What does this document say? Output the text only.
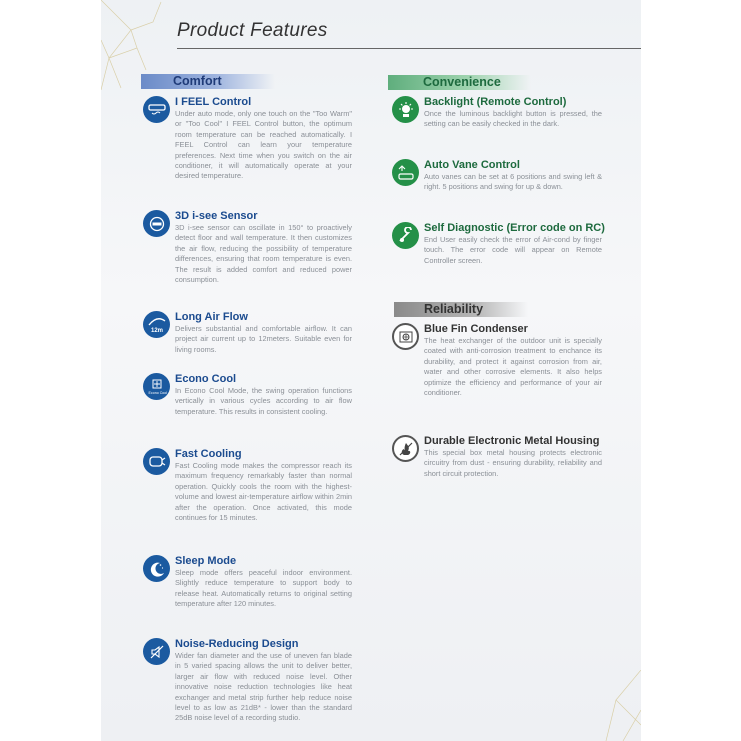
Product Features
Comfort	Convenience
Reliability
I FEEL Control
Under auto mode, only one touch on the "Too Warm" or "Too Cool" I FEEL Control button, the optimum room temperature can be reached automatically. I FEEL Control can learn your temperature preferences. Next time when you switch on the air conditioner, it will automatically operate at your desired temperature.
3D i-see Sensor
3D i-see sensor can oscillate in 150° to proactively detect floor and wall temperature. It then customizes the air flow, reducing the possibility of temperature differences, ensuring that room temperature is even. The result is added comfort and reduced power consumption.
12m
Long Air Flow
Delivers substantial and comfortable airflow. It can project air current up to 12meters. Suitable even for living rooms.
Econo Cool
Econo Cool
In Econo Cool Mode, the swing operation functions vertically in various cycles according to air flow temperature. This results in consistent cooling.
Fast Cooling
Fast Cooling mode makes the compressor reach its maximum frequency remarkably faster than normal operation. Quickly cools the room with the highest-volume and lowest air-temperature airflow within 2min after the operation. Once activated, this mode continues for 15 minutes.
Sleep Mode
Sleep mode offers peaceful indoor environment. Slightly reduce temperature to support body to release heat. Automatically returns to original setting temperature after 120 minutes.
Noise-Reducing Design
Wider fan diameter and the use of uneven fan blade in 5 varied spacing allows the unit to deliver better, larger air flow with reduced noise level. Other innovative noise reduction technologies like heat exchanger and metal strip further help reduce noise level to as low as 21dB* - lower than the standard 25dB noise level of a recording studio.
Backlight (Remote Control)
Once the luminous backlight button is pressed, the setting can be easily checked in the dark.
Auto Vane Control
Auto vanes can be set at 6 positions and swing left & right. 5 positions and swing for up & down.
Self Diagnostic (Error code on RC)
End User easily check the error of Air-cond by finger touch. The error code will appear on Remote Controller screen.
Blue Fin Condenser
The heat exchanger of the outdoor unit is specially coated with anti-corrosion treatment to enchance its durability, and protect it against corrosion from air, water and other corrosive elements. It also helps optimize the efficiency and performance of your air conditioner.
Durable Electronic Metal Housing
This special box metal housing protects electronic circuitry from dust - ensuring durability, reliability and short circuit protection.
